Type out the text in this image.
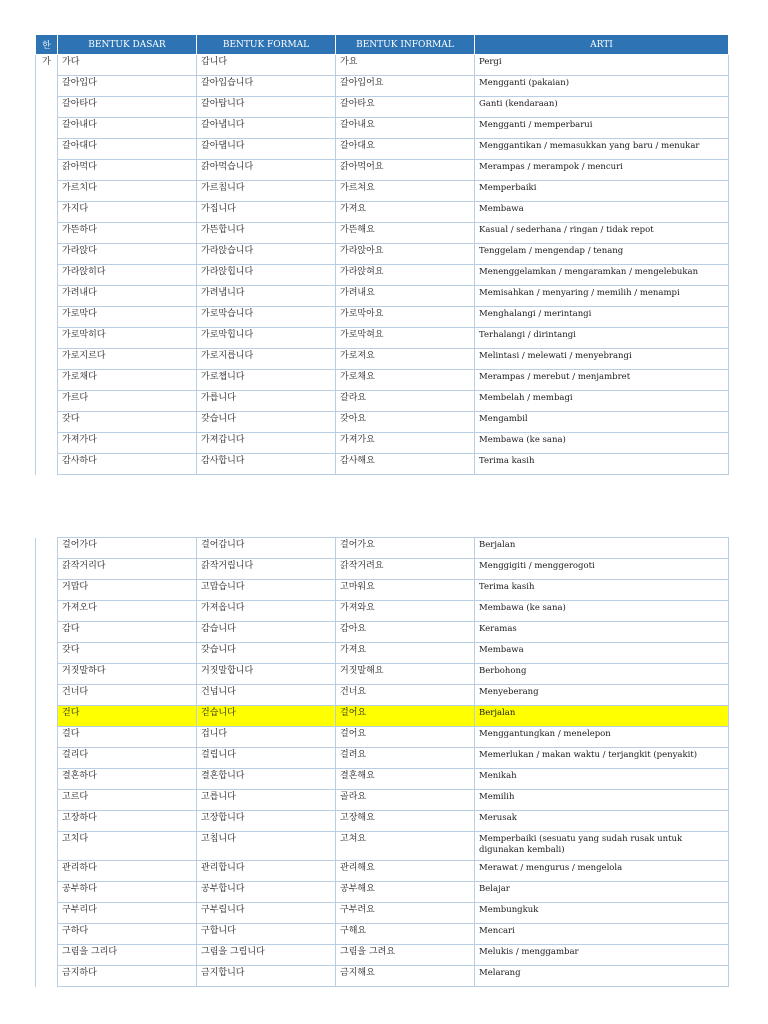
한	BENTUK DASAR	BENTUK FORMAL	BENTUK INFORMAL	ARTI
가	가다	갑니다	가요	Pergi
	갈아입다	갈아입습니다	갈아입어요	Mengganti (pakaian)
	갈아타다	갈아탑니다	갈아타요	Ganti (kendaraan)
	갈아내다	갈아냅니다	갈아내요	Mengganti / memperbarui
	갈아대다	갈아댑니다	갈아대요	Menggantikan / memasukkan yang baru / menukar
	갉아먹다	갉아먹습니다	갉아먹어요	Merampas / merampok / mencuri
	가르치다	가르칩니다	가르쳐요	Memperbaiki
	가지다	가집니다	가져요	Membawa
	가뜬하다	가뜬합니다	가뜬해요	Kasual / sederhana / ringan / tidak repot
	가라앉다	가라앉습니다	가라앉아요	Tenggelam / mengendap / tenang
	가라앉히다	가라앉힙니다	가라앉혀요	Menenggelamkan / mengaramkan / mengelebukan
	가려내다	가려냅니다	가려내요	Memisahkan / menyaring / memilih / menampi
	가로막다	가로막습니다	가로막아요	Menghalangi / merintangi
	가로막히다	가로막힙니다	가로막혀요	Terhalangi / dirintangi
	가로지르다	가로지릅니다	가로져요	Melintasi / melewati / menyebrangi
	가로채다	가로챕니다	가로채요	Merampas / merebut / menjambret
	가르다	가릅니다	갈라요	Membelah / membagi
	갖다	갖습니다	갖아요	Mengambil
	가져가다	가져갑니다	가져가요	Membawa (ke sana)
	감사하다	감사합니다	감사해요	Terima kasih
	걸어가다	걸어갑니다	걸어가요	Berjalan
	갉작거리다	갉작거립니다	갉작거려요	Menggigiti / menggerogoti
	거맙다	고맙습니다	고마워요	Terima kasih
	가져오다	가져옵니다	가져와요	Membawa (ke sana)
	감다	감습니다	감아요	Keramas
	갖다	갖습니다	가져요	Membawa
	거짓말하다	거짓말합니다	거짓말해요	Berbohong
	건너다	건넙니다	건너요	Menyeberang
	걷다	걷습니다	걸어요	Berjalan
	걸다	겁니다	걸어요	Menggantungkan / menelepon
	걸리다	걸립니다	걸려요	Memerlukan / makan waktu / terjangkit (penyakit)
	결혼하다	결혼합니다	결혼해요	Menikah
	고르다	고릅니다	골라요	Memilih
	고장하다	고장합니다	고장해요	Merusak
	고치다	고칩니다	고쳐요	Memperbaiki (sesuatu yang sudah rusak untuk digunakan kembali)
	관리하다	관리합니다	관리해요	Merawat / mengurus / mengelola
	공부하다	공부합니다	공부해요	Belajar
	구부리다	구부립니다	구부려요	Membungkuk
	구하다	구합니다	구해요	Mencari
	그림을 그리다	그림을 그립니다	그림을 그려요	Melukis / menggambar
	금지하다	금지합니다	금지해요	Melarang
